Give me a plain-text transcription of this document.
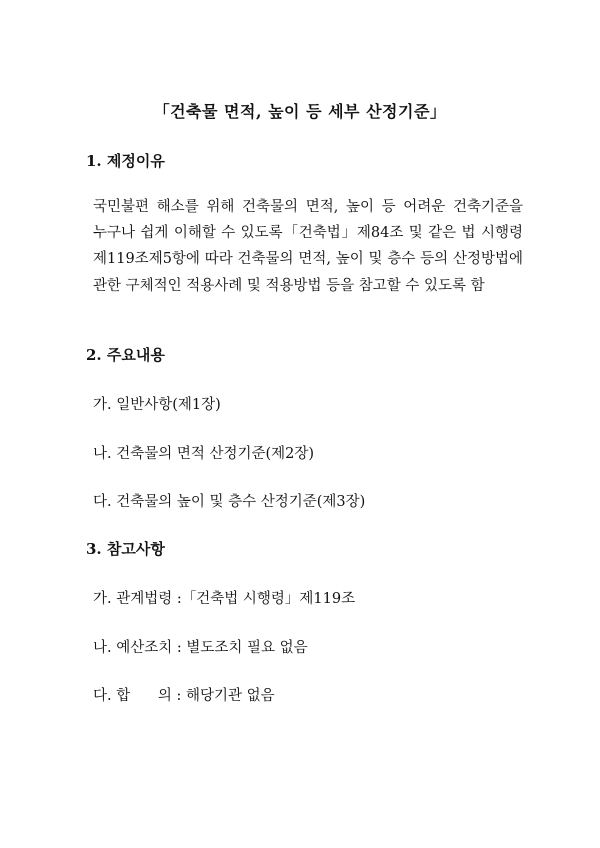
「건축물 면적, 높이 등 세부 산정기준」
1. 제정이유
국민불편 해소를 위해 건축물의 면적, 높이 등 어려운 건축기준을 누구나 쉽게 이해할 수 있도록「건축법」제84조 및 같은 법 시행령 제119조제5항에 따라 건축물의 면적, 높이 및 층수 등의 산정방법에 관한 구체적인 적용사례 및 적용방법 등을 참고할 수 있도록 함
2. 주요내용
가. 일반사항(제1장)
나. 건축물의 면적 산정기준(제2장)
다. 건축물의 높이 및 층수 산정기준(제3장)
3. 참고사항
가. 관계법령 :「건축법 시행령」제119조
나. 예산조치 : 별도조치 필요 없음
다. 합      의 : 해당기관 없음
